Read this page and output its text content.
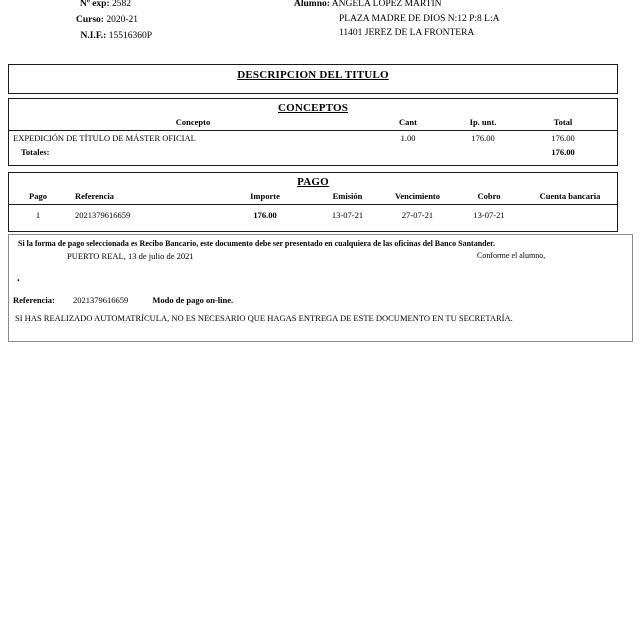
Nº exp: 2582
Curso: 2020-21
N.I.F.: 15516360P
Alumno: ANGELA LOPEZ MARTIN
PLAZA MADRE DE DIOS N:12 P:8 L:A
11401 JEREZ DE LA FRONTERA
DESCRIPCION DEL TITULO
CONCEPTOS
Concepto	Cant	Ip. unt.	Total	
EXPEDICIÓN DE TÍTULO DE MÁSTER OFICIAL	1.00	176.00	176.00	
Totales:			176.00	
PAGO
Pago	Referencia	Importe	Emisión	Vencimiento	Cobro	Cuenta bancaria
1	2021379616659	176.00	13-07-21	27-07-21	13-07-21	
Si la forma de pago seleccionada es Recibo Bancario, este documento debe ser presentado en cualquiera de las oficinas del Banco Santander.
PUERTO REAL, 13 de julio de 2021	Conforme el alumno,
.
Referencia: 2021379616659	Modo de pago on-line.
SI HAS REALIZADO AUTOMATRÍCULA, NO ES NECESARIO QUE HAGAS ENTREGA DE ESTE DOCUMENTO EN TU SECRETARÍA.
